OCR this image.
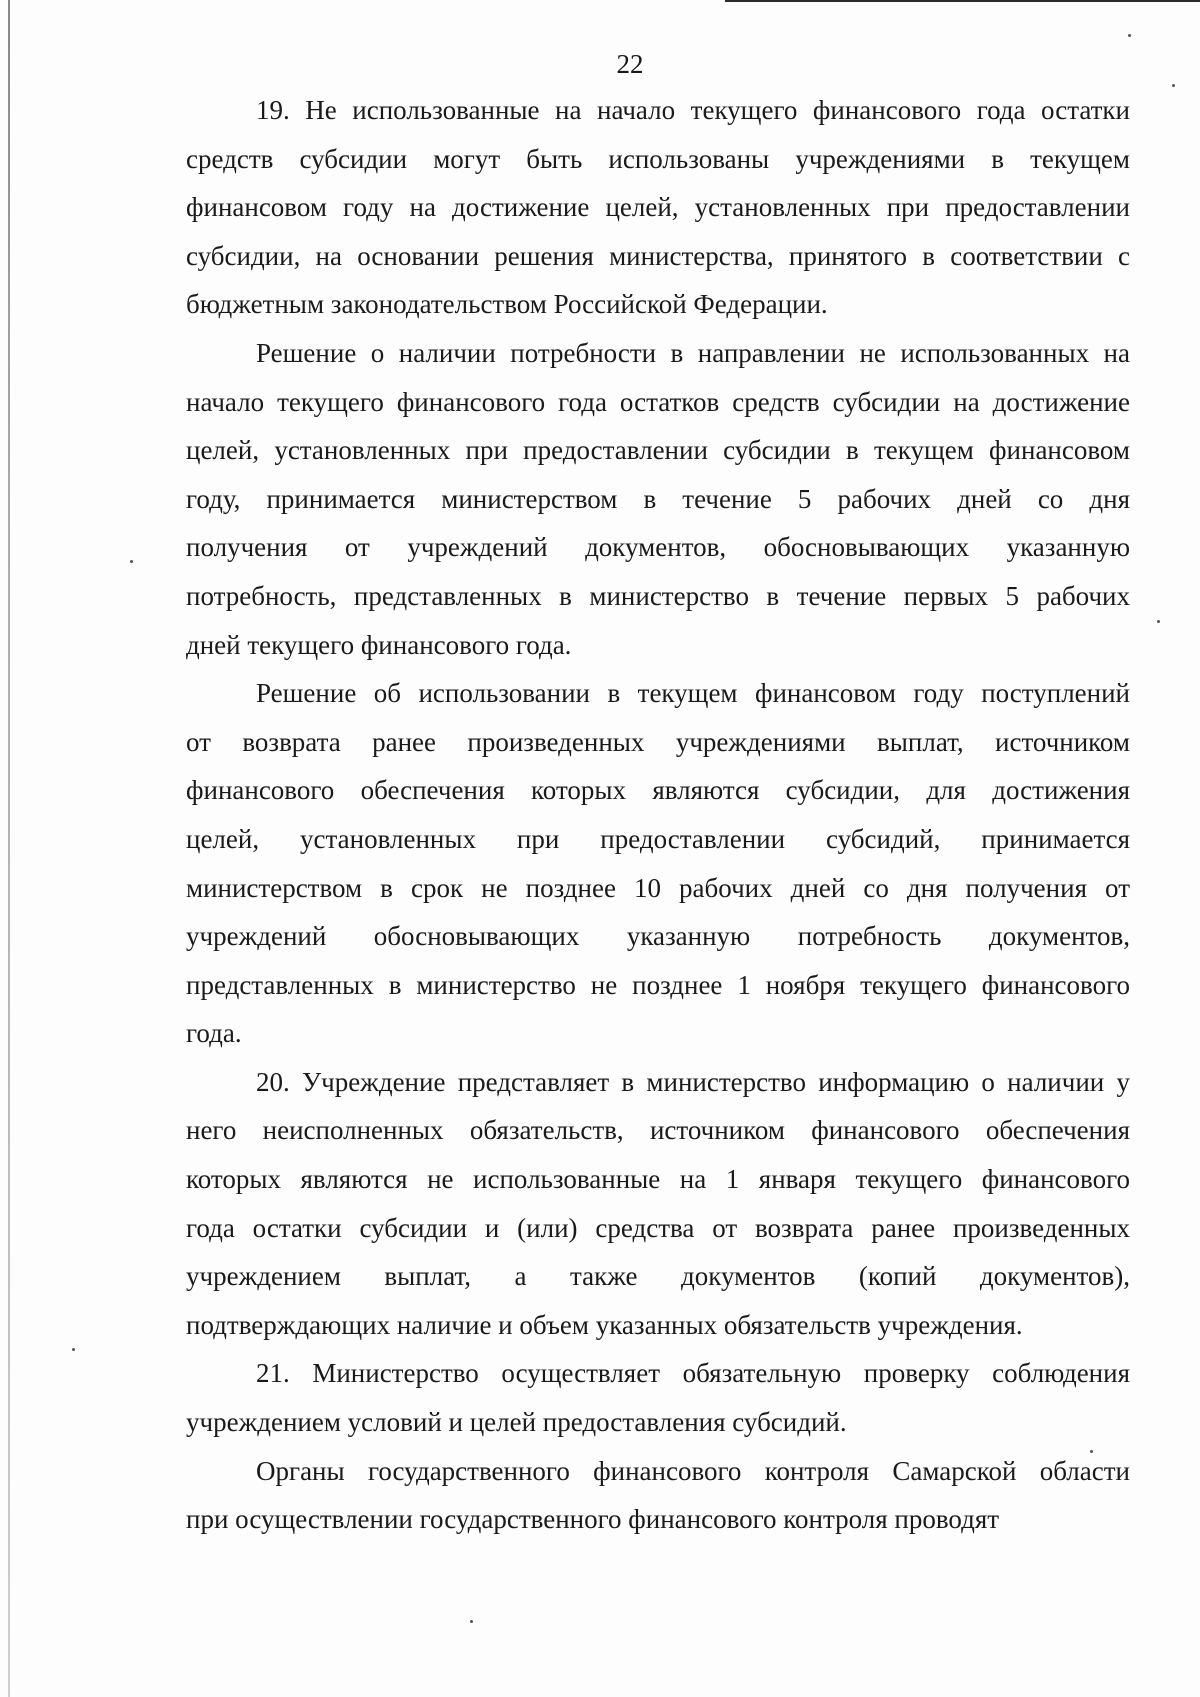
22
19. Не использованные на начало текущего финансового года остатки
средств субсидии могут быть использованы учреждениями в текущем
финансовом году на достижение целей, установленных при предоставлении
субсидии, на основании решения министерства, принятого в соответствии с
бюджетным законодательством Российской Федерации.
Решение о наличии потребности в направлении не использованных на
начало текущего финансового года остатков средств субсидии на достижение
целей, установленных при предоставлении субсидии в текущем финансовом
году, принимается министерством в течение 5 рабочих дней со дня
получения от учреждений документов, обосновывающих указанную
потребность, представленных в министерство в течение первых 5 рабочих
дней текущего финансового года.
Решение об использовании в текущем финансовом году поступлений
от возврата ранее произведенных учреждениями выплат, источником
финансового обеспечения которых являются субсидии, для достижения
целей, установленных при предоставлении субсидий, принимается
министерством в срок не позднее 10 рабочих дней со дня получения от
учреждений обосновывающих указанную потребность документов,
представленных в министерство не позднее 1 ноября текущего финансового
года.
20. Учреждение представляет в министерство информацию о наличии у
него неисполненных обязательств, источником финансового обеспечения
которых являются не использованные на 1 января текущего финансового
года остатки субсидии и (или) средства от возврата ранее произведенных
учреждением выплат, а также документов (копий документов),
подтверждающих наличие и объем указанных обязательств учреждения.
21. Министерство осуществляет обязательную проверку соблюдения
учреждением условий и целей предоставления субсидий.
Органы государственного финансового контроля Самарской области
при осуществлении государственного финансового контроля проводят
